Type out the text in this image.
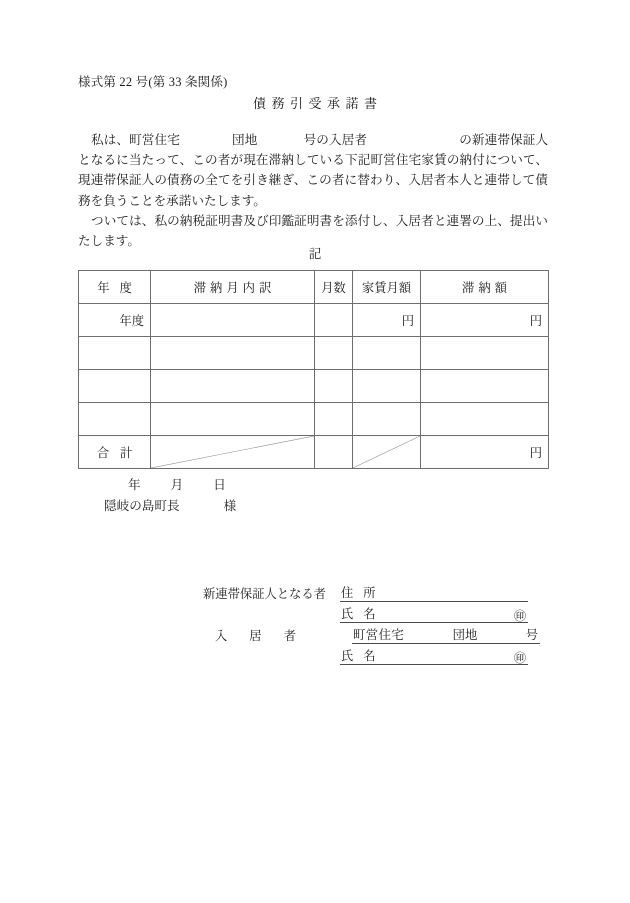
様式第 22 号(第 33 条関係)
債務引受承諾書

私は、町営住宅	団地	号の入居者	の新連帯保証人となるに当たって、この者が現在滞納している下記町営住宅家賃の納付について、現連帯保証人の債務の全てを引き継ぎ、この者に替わり、入居者本人と連帯して債務を負うことを承諾いたします。

ついては、私の納税証明書及び印鑑証明書を添付し、入居者と連署の上、提出いたします。

記
年度	滞納月内訳	月数	家賃月額	滞納額

年度			円	円

合計				円
年 月 日
隠岐の島町長	様
新連帯保証人となる者	住所
氏名	㊞
入居者	町営住宅	団地	号
氏名	㊞
